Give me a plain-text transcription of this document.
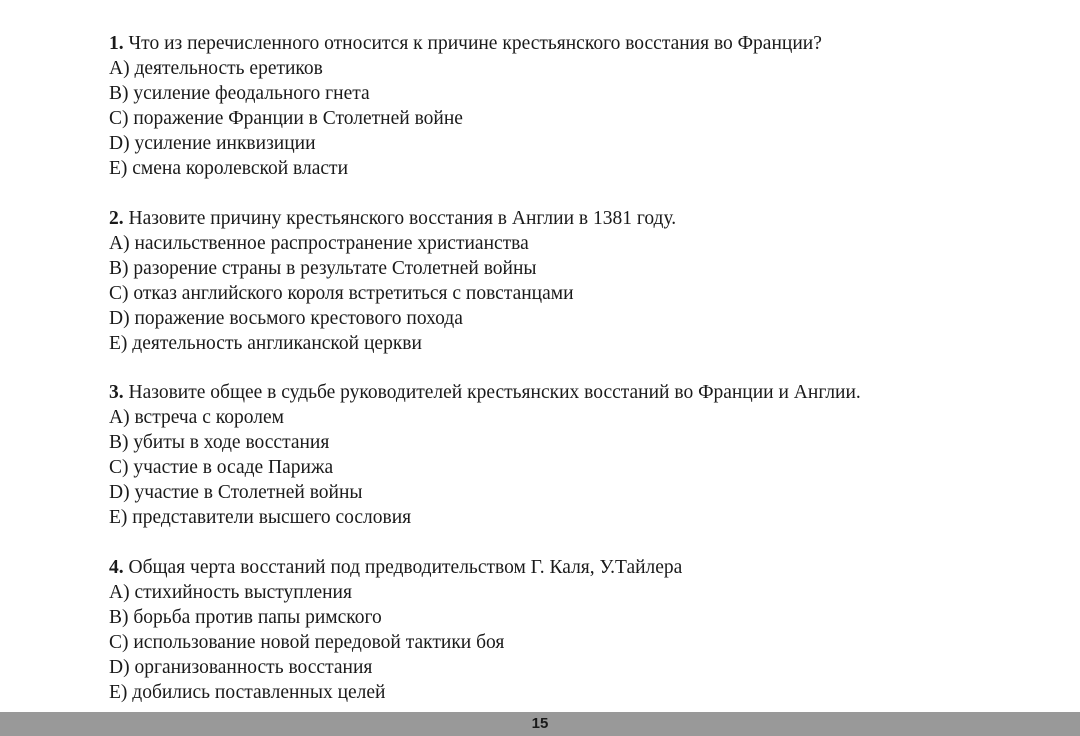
1. Что из перечисленного относится к причине крестьянского восстания во Франции?
A) деятельность еретиков
B) усиление феодального гнета
C) поражение Франции в Столетней войне
D) усиление инквизиции
E) смена королевской власти
2. Назовите причину крестьянского восстания в Англии в 1381 году.
A) насильственное распространение христианства
B) разорение страны в результате Столетней войны
C) отказ английского короля встретиться с повстанцами
D) поражение восьмого крестового похода
E) деятельность англиканской церкви
3. Назовите общее в судьбе руководителей крестьянских восстаний во Франции и Англии.
A) встреча с королем
B) убиты в ходе восстания
C) участие в осаде Парижа
D) участие в Столетней войны
E) представители высшего сословия
4. Общая черта восстаний под предводительством Г. Каля, У.Тайлера
A) стихийность выступления
B) борьба против папы римского
C) использование новой передовой тактики боя
D) организованность восстания
E) добились поставленных целей
15
